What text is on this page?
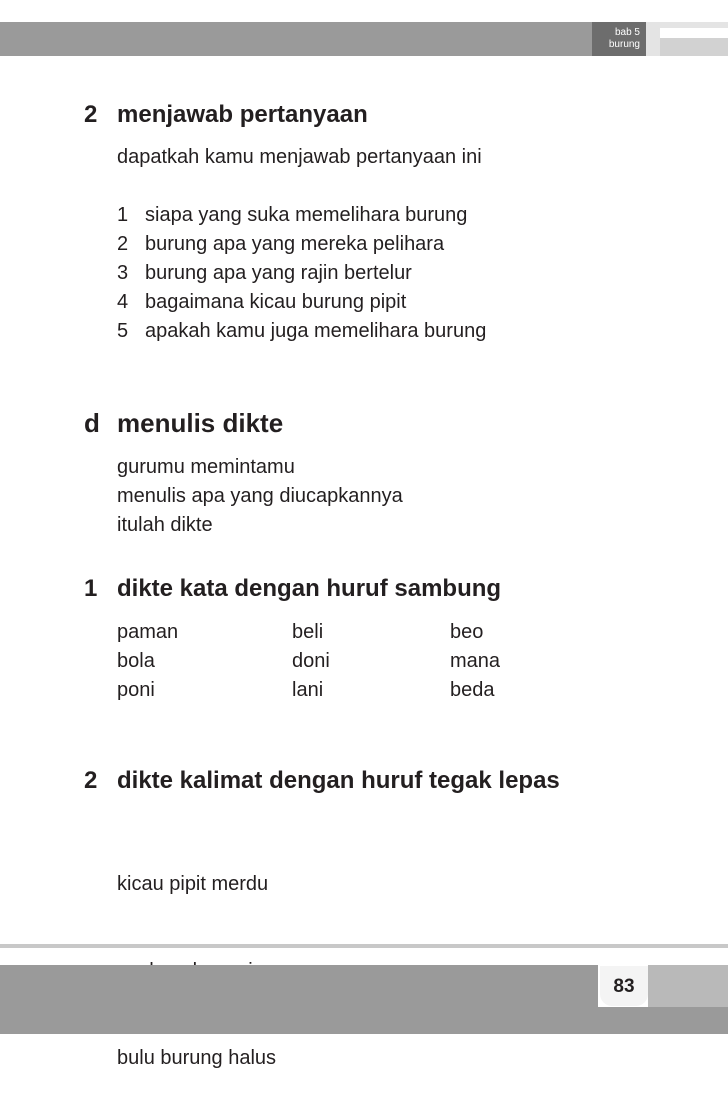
bab 5
burung
2 menjawab pertanyaan
dapatkah kamu menjawab pertanyaan ini
1 siapa yang suka memelihara burung
2 burung apa yang mereka pelihara
3 burung apa yang rajin bertelur
4 bagaimana kicau burung pipit
5 apakah kamu juga memelihara burung
d menulis dikte
gurumu memintamu
menulis apa yang diucapkannya
itulah dikte
1 dikte kata dengan huruf sambung
paman
bola
poni
beli
doni
lani
beo
mana
beda
2 dikte kalimat dengan huruf tegak lepas

kicau pipit merdu

bulu burung halus

83
